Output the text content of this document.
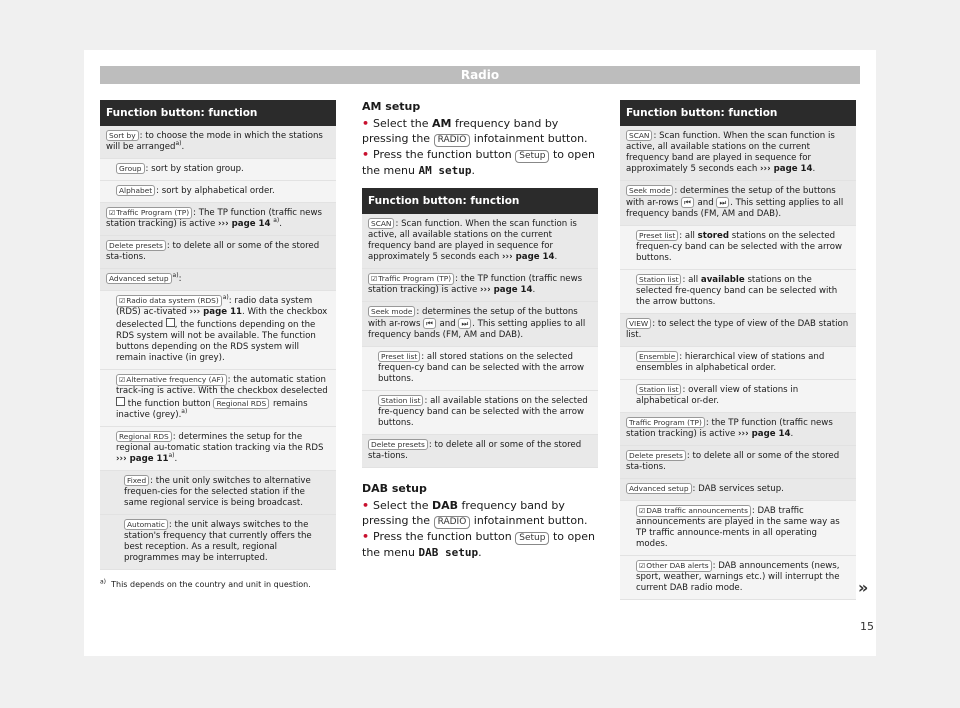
Radio
Function button: function
Sort by : to choose the mode in which the stations will be arranged$^{a)}$.
Group : sort by station group.
Alphabet : sort by alphabetical order.
☑Traffic Program (TP) : The TP function (traffic news station tracking) is active ››› page 14 $^{a)}$.
Delete presets : to delete all or some of the stored sta-tions.
Advanced setup $^{a)}$:
☑Radio data system (RDS) $^{a)}$: radio data system (RDS) ac-tivated ››› page 11. With the checkbox deselected , the functions depending on the RDS system will not be available. The function buttons depending on the RDS system will remain inactive (in grey).
☑Alternative frequency (AF) : the automatic station track-ing is active. With the checkbox deselected  the function button Regional RDS remains inactive (grey).$^{a)}$
Regional RDS : determines the setup for the regional au-tomatic station tracking via the RDS ››› page 11$^{a)}$.
Fixed : the unit only switches to alternative frequen-cies for the selected station if the same regional service is being broadcast.
Automatic : the unit always switches to the station's frequency that currently offers the best reception. As a result, regional programmes may be interrupted.
$^{a)}$ This depends on the country and unit in question.
AM setup

• Select the AM frequency band by pressing the RADIO infotainment button.

• Press the function button Setup to open the menu AM setup.

Function button: function
SCAN : Scan function. When the scan function is active, all available stations on the current frequency band are played in sequence for approximately 5 seconds each ››› page 14.
☑Traffic Program (TP) : the TP function (traffic news station tracking) is active ››› page 14.
Seek mode : determines the setup of the buttons with ar-rows ⏮ and ⏭ . This setting applies to all frequency bands (FM, AM and DAB).
Preset list : all stored stations on the selected frequen-cy band can be selected with the arrow buttons.
Station list : all available stations on the selected fre-quency band can be selected with the arrow buttons.
Delete presets : to delete all or some of the stored sta-tions.
DAB setup

• Select the DAB frequency band by pressing the RADIO infotainment button.

• Press the function button Setup to open the menu DAB setup.

Function button: function
SCAN : Scan function. When the scan function is active, all available stations on the current frequency band are played in sequence for approximately 5 seconds each ››› page 14.
Seek mode : determines the setup of the buttons with ar-rows ⏮ and ⏭ . This setting applies to all frequency bands (FM, AM and DAB).
Preset list : all stored stations on the selected frequen-cy band can be selected with the arrow buttons.
Station list : all available stations on the selected fre-quency band can be selected with the arrow buttons.
VIEW : to select the type of view of the DAB station list.
Ensemble : hierarchical view of stations and ensembles in alphabetical order.
Station list : overall view of stations in alphabetical or-der.
Traffic Program (TP) : the TP function (traffic news station tracking) is active ››› page 14.
Delete presets : to delete all or some of the stored sta-tions.
Advanced setup : DAB services setup.
☑DAB traffic announcements : DAB traffic announcements are played in the same way as TP traffic announce-ments in all operating modes.
☑Other DAB alerts : DAB announcements (news, sport, weather, warnings etc.) will interrupt the current DAB radio mode.	»
15
